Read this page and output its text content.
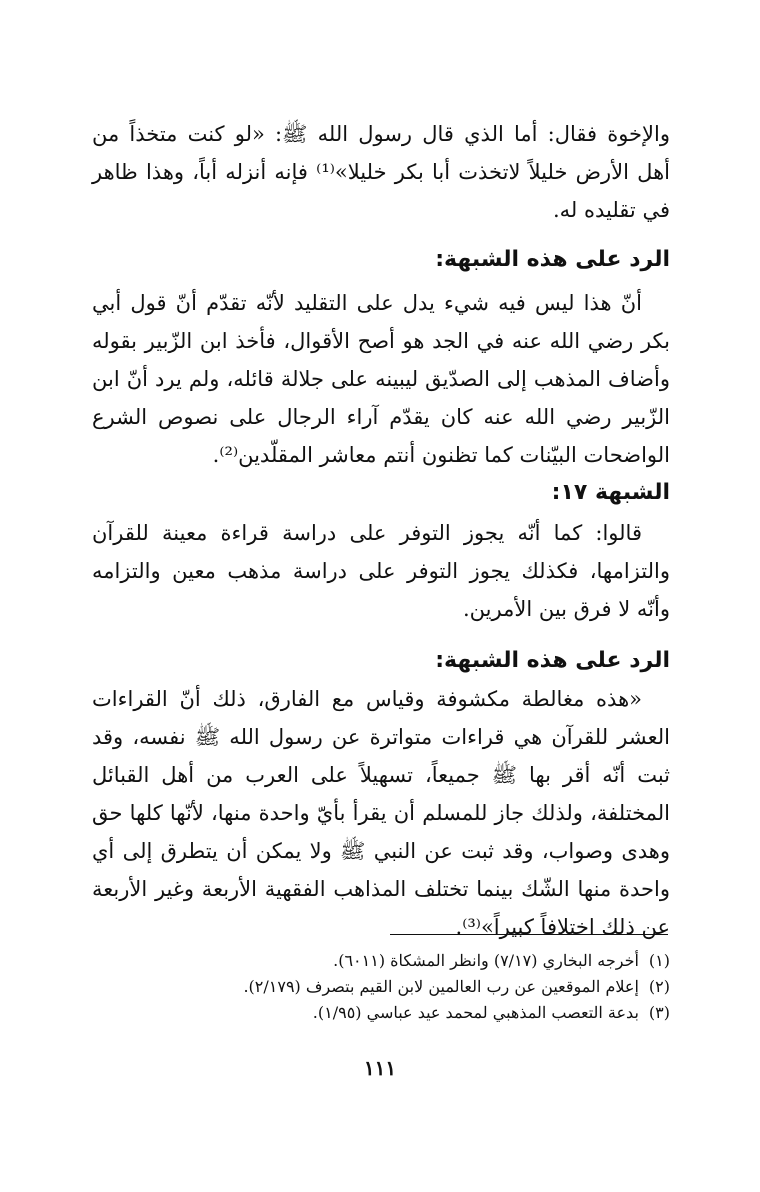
والإخوة فقال: أما الذي قال رسول الله ﷺ: «لو كنت متخذاً من أهل الأرض خليلاً لاتخذت أبا بكر خليلا»⁽¹⁾ فإنه أنزله أباً، وهذا ظاهر في تقليده له.
الرد على هذه الشبهة:
أنّ هذا ليس فيه شيء يدل على التقليد لأنّه تقدّم أنّ قول أبي بكر رضي الله عنه في الجد هو أصح الأقوال، فأخذ ابن الزّبير بقوله وأضاف المذهب إلى الصدّيق ليبينه على جلالة قائله، ولم يرد أنّ ابن الزّبير رضي الله عنه كان يقدّم آراء الرجال على نصوص الشرع الواضحات البيّنات كما تظنون أنتم معاشر المقلّدين⁽²⁾.
الشبهة ١٧:
قالوا: كما أنّه يجوز التوفر على دراسة قراءة معينة للقرآن والتزامها، فكذلك يجوز التوفر على دراسة مذهب معين والتزامه وأنّه لا فرق بين الأمرين.
الرد على هذه الشبهة:
«هذه مغالطة مكشوفة وقياس مع الفارق، ذلك أنّ القراءات العشر للقرآن هي قراءات متواترة عن رسول الله ﷺ نفسه، وقد ثبت أنّه أقر بها ﷺ جميعاً، تسهيلاً على العرب من أهل القبائل المختلفة، ولذلك جاز للمسلم أن يقرأ بأيّ واحدة منها، لأنّها كلها حق وهدى وصواب، وقد ثبت عن النبي ﷺ ولا يمكن أن يتطرق إلى أي واحدة منها الشّك بينما تختلف المذاهب الفقهية الأربعة وغير الأربعة عن ذلك اختلافاً كبيراً»⁽³⁾.
(١)أخرجه البخاري (٧/١٧) وانظر المشكاة (٦٠١١).
(٢)إعلام الموقعين عن رب العالمين لابن القيم بتصرف (٢/١٧٩).
(٣)بدعة التعصب المذهبي لمحمد عيد عباسي (١/٩٥).
١١١
